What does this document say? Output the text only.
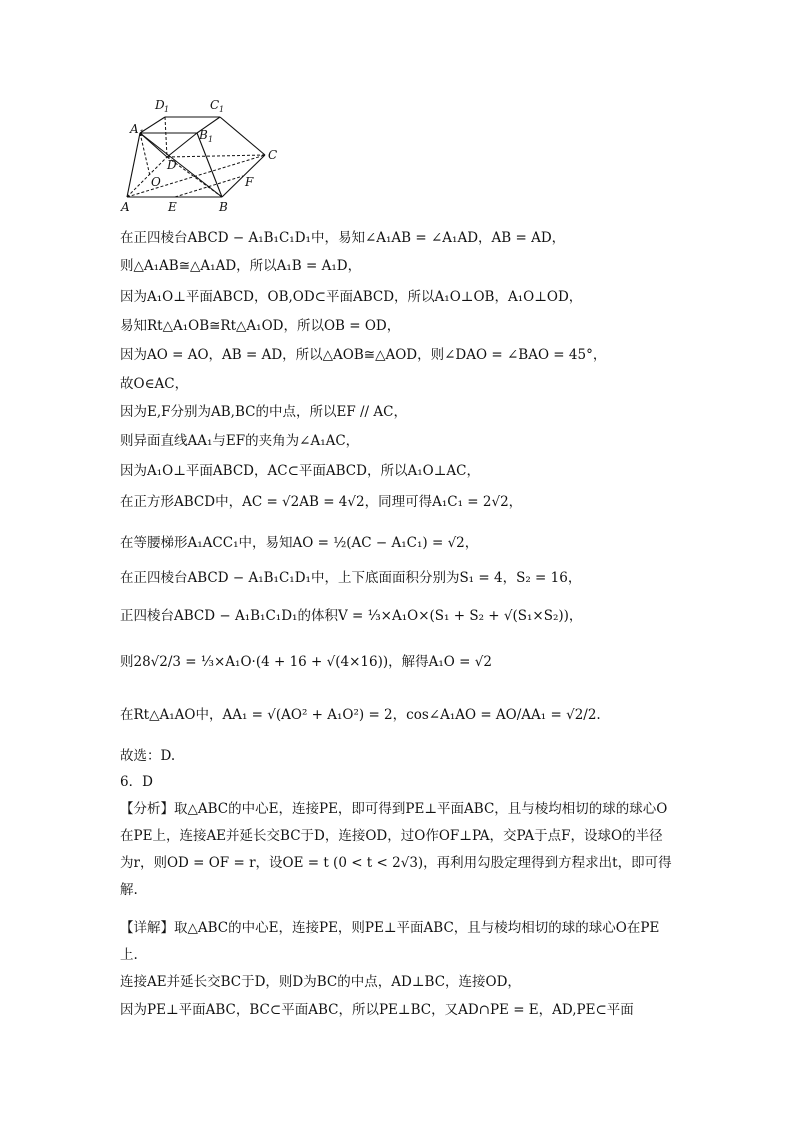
D 1	C 1
A 1	B 1
C
D
O	F
A	E	B
在正四棱台ABCD − A₁B₁C₁D₁中，易知∠A₁AB = ∠A₁AD，AB = AD，
则△A₁AB≅△A₁AD，所以A₁B = A₁D，
因为A₁O⊥平面ABCD，OB,OD⊂平面ABCD，所以A₁O⊥OB，A₁O⊥OD，
易知Rt△A₁OB≅Rt△A₁OD，所以OB = OD，
因为AO = AO，AB = AD，所以△AOB≅△AOD，则∠DAO = ∠BAO = 45°，
故O∈AC，
因为E,F分别为AB,BC的中点，所以EF // AC，
则异面直线AA₁与EF的夹角为∠A₁AC，
因为A₁O⊥平面ABCD，AC⊂平面ABCD，所以A₁O⊥AC，
在正方形ABCD中，AC = √2AB = 4√2，同理可得A₁C₁ = 2√2，
在等腰梯形A₁ACC₁中，易知AO = ½(AC − A₁C₁) = √2，
在正四棱台ABCD − A₁B₁C₁D₁中，上下底面面积分别为S₁ = 4，S₂ = 16，
正四棱台ABCD − A₁B₁C₁D₁的体积V = ⅓×A₁O×(S₁ + S₂ + √(S₁×S₂))，
则28√2/3 = ⅓×A₁O·(4 + 16 + √(4×16))，解得A₁O = √2
在Rt△A₁AO中，AA₁ = √(AO² + A₁O²) = 2，cos∠A₁AO = AO/AA₁ = √2/2.
故选：D.
6．D
【分析】取△ABC的中心E，连接PE，即可得到PE⊥平面ABC，且与棱均相切的球的球心O在PE上，连接AE并延长交BC于D，连接OD，过O作OF⊥PA，交PA于点F，设球O的半径为r，则OD = OF = r，设OE = t (0 < t < 2√3)，再利用勾股定理得到方程求出t，即可得解.
【详解】取△ABC的中心E，连接PE，则PE⊥平面ABC，且与棱均相切的球的球心O在PE上.
连接AE并延长交BC于D，则D为BC的中点，AD⊥BC，连接OD，
因为PE⊥平面ABC，BC⊂平面ABC，所以PE⊥BC，又AD∩PE = E，AD,PE⊂平面
